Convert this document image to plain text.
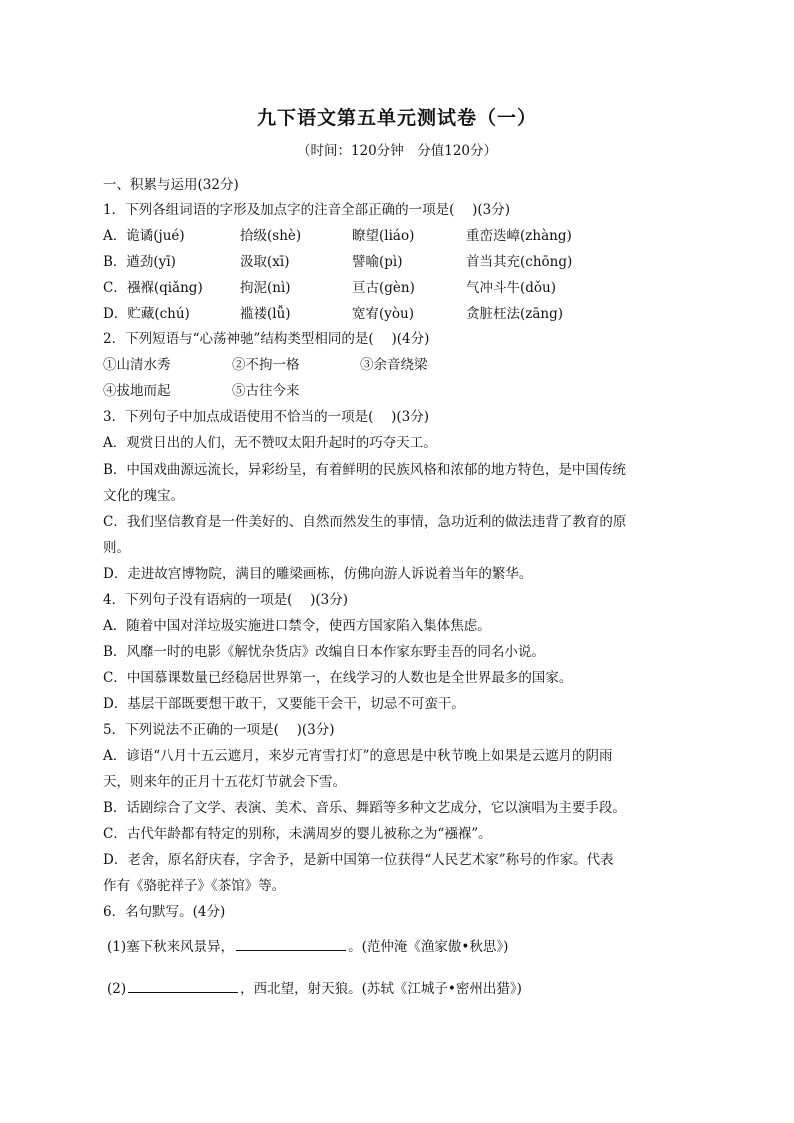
九下语文第五单元测试卷（一）
（时间：120分钟　分值120分）
一、积累与运用(32分)
1．下列各组词语的字形及加点字的注音全部正确的一项是(　 )(3分)
A．诡谲(jué)	拾级(shè)	瞭望(liáo)	重峦迭嶂(zhàng)
B．遒劲(yī)	汲取(xī)	譬喻(pì)	首当其充(chōng)
C．襁褓(qiǎng)	拘泥(nì)	亘古(gèn)	气冲斗牛(dǒu)
D．贮藏(chú)	褴褛(lǚ)	宽宥(yòu)	贪脏枉法(zāng)
2．下列短语与“心荡神驰”结构类型相同的是(　 )(4分)
①山清水秀	②不拘一格	③余音绕梁
④拔地而起	⑤古往今来
3．下列句子中加点成语使用不恰当的一项是(　 )(3分)
A．观赏日出的人们，无不赞叹太阳升起时的巧夺天工。
B．中国戏曲源远流长，异彩纷呈，有着鲜明的民族风格和浓郁的地方特色，是中国传统
文化的瑰宝。
C．我们坚信教育是一件美好的、自然而然发生的事情，急功近利的做法违背了教育的原
则。
D．走进故宫博物院，满目的雕梁画栋，仿佛向游人诉说着当年的繁华。
4．下列句子没有语病的一项是(　 )(3分)
A．随着中国对洋垃圾实施进口禁令，使西方国家陷入集体焦虑。
B．风靡一时的电影《解忧杂货店》改编自日本作家东野圭吾的同名小说。
C．中国慕课数量已经稳居世界第一，在线学习的人数也是全世界最多的国家。
D．基层干部既要想干敢干，又要能干会干，切忌不可蛮干。
5．下列说法不正确的一项是(　 )(3分)
A．谚语“八月十五云遮月，来岁元宵雪打灯”的意思是中秋节晚上如果是云遮月的阴雨
天，则来年的正月十五花灯节就会下雪。
B．话剧综合了文学、表演、美术、音乐、舞蹈等多种文艺成分，它以演唱为主要手段。
C．古代年龄都有特定的别称，未满周岁的婴儿被称之为“襁褓”。
D．老舍，原名舒庆春，字舍予，是新中国第一位获得“人民艺术家”称号的作家。代表
作有《骆驼祥子》《茶馆》等。
6．名句默写。(4分)
(1)塞下秋来风景异，	。(范仲淹《渔家傲•秋思》)
(2)	，西北望，射天狼。(苏轼《江城子•密州出猎》)
